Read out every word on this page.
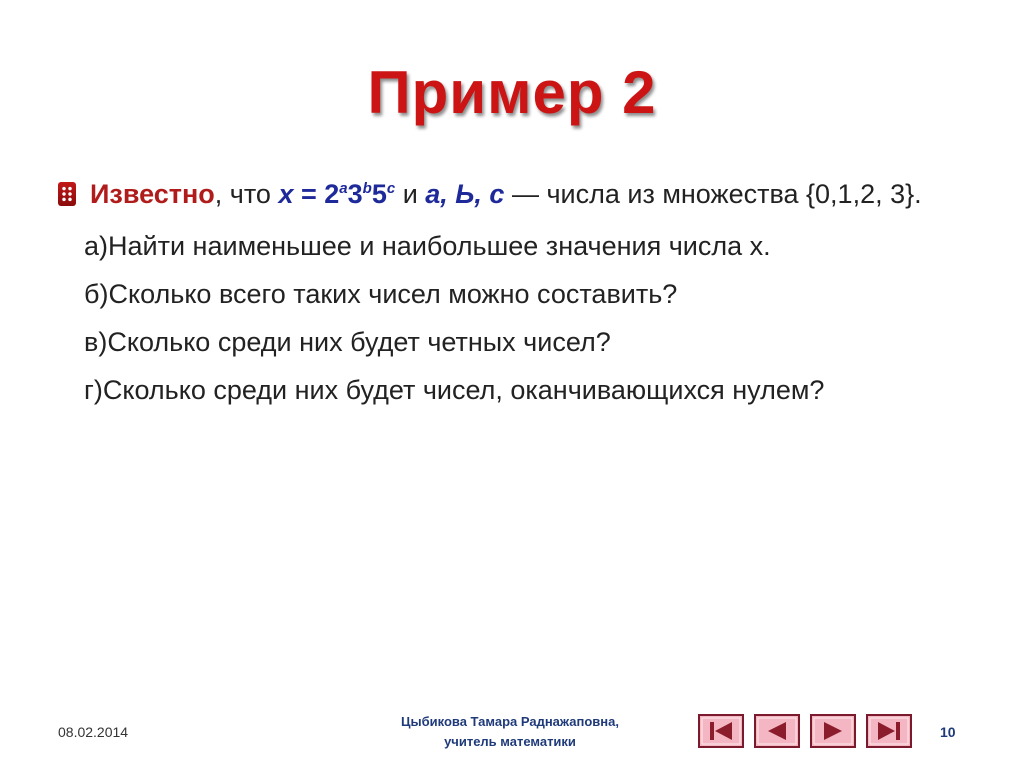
Пример 2
Известно, что $x = 2^a3^b5^c$ и a, Ь, с — числа из множества {0,1,2, 3}.
а)Найти наименьшее и наибольшее значения числа х.
б)Сколько всего таких чисел можно составить?
в)Сколько среди них будет четных чисел?
г)Сколько среди них будет чисел, оканчивающихся нулем?
08.02.2014
Цыбикова Тамара Раднажаповна,
учитель математики
10
